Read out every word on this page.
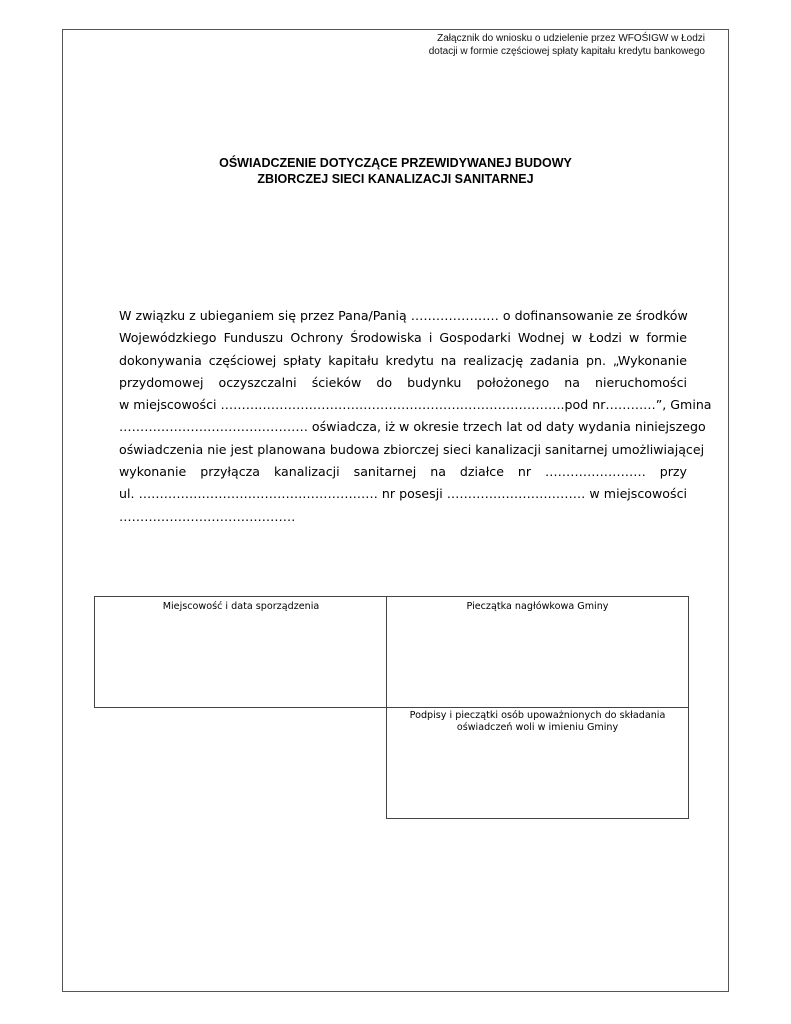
Załącznik do wniosku o udzielenie przez WFOŚIGW w Łodzi
dotacji w formie częściowej spłaty kapitału kredytu bankowego
OŚWIADCZENIE DOTYCZĄCE PRZEWIDYWANEJ BUDOWY
ZBIORCZEJ SIECI KANALIZACJI SANITARNEJ
W związku z ubieganiem się przez Pana/Panią ………………… o dofinansowanie ze środków
Wojewódzkiego Funduszu Ochrony Środowiska i Gospodarki Wodnej w Łodzi w formie
dokonywania częściowej spłaty kapitału kredytu na realizację zadania pn. „Wykonanie
przydomowej oczyszczalni ścieków do budynku położonego na nieruchomości
w miejscowości ……………………………………………………………………….pod nr…………”, Gmina
……………………………………… oświadcza, iż w okresie trzech lat od daty wydania niniejszego
oświadczenia nie jest planowana budowa zbiorczej sieci kanalizacji sanitarnej umożliwiającej
wykonanie przyłącza kanalizacji sanitarnej na działce nr …………………… przy
ul. ………………………………………………… nr posesji …………………………… w miejscowości
……………………………………
Miejscowość i data sporządzenia	Pieczątka nagłówkowa Gminy
Podpisy i pieczątki osób upoważnionych do składania
oświadczeń woli w imieniu Gminy
